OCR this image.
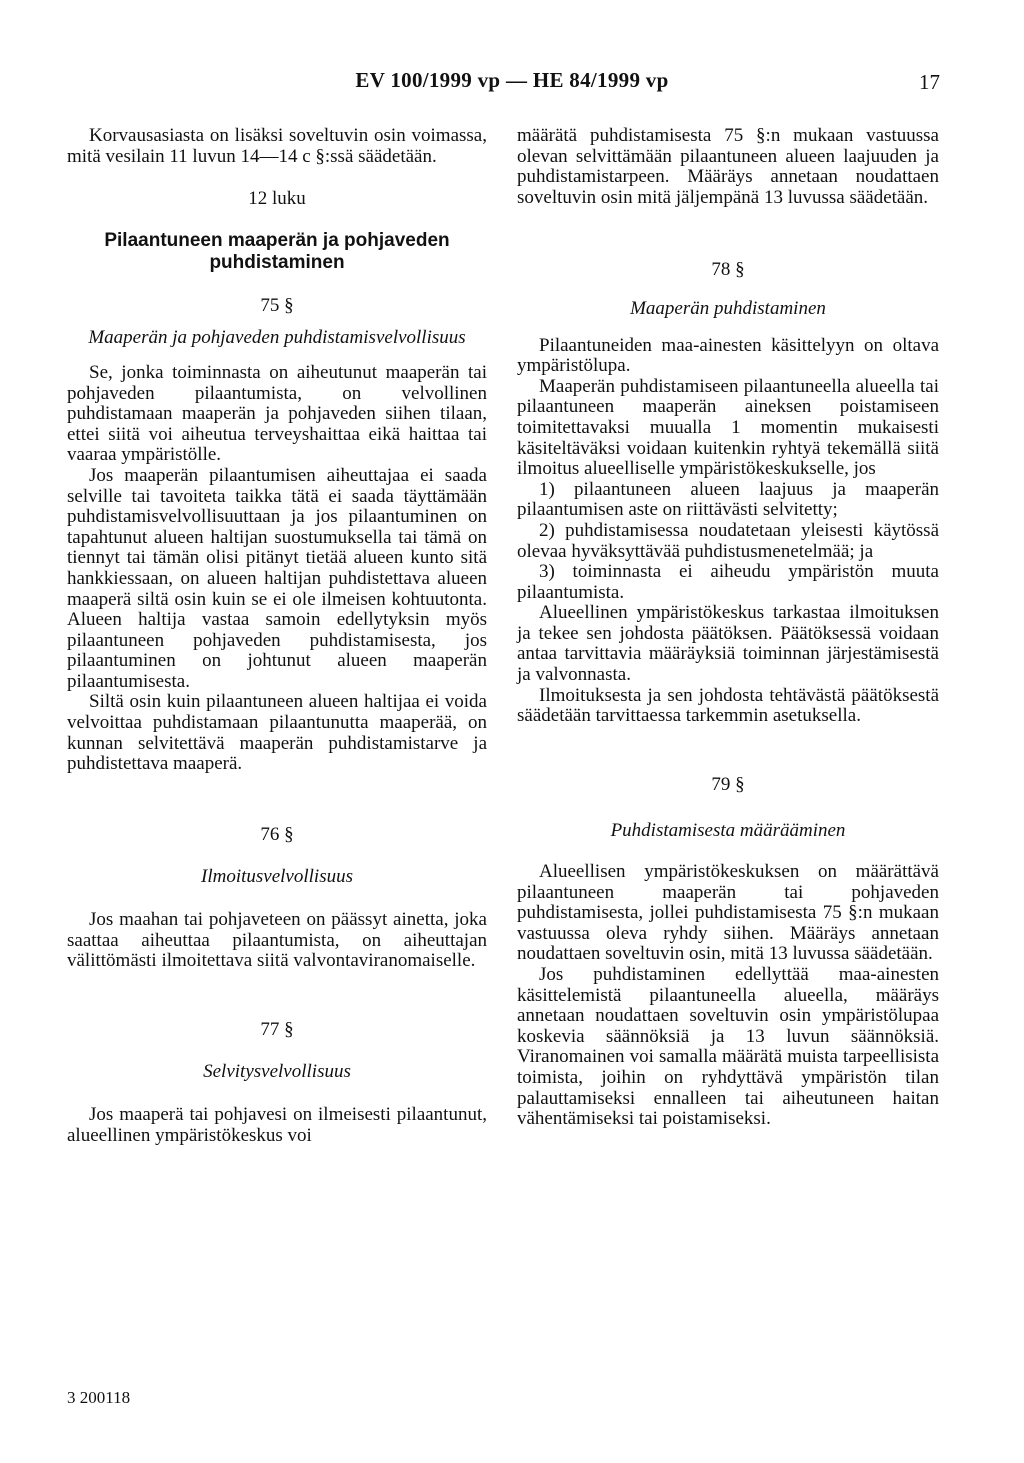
EV 100/1999 vp — HE 84/1999 vp	17

Korvausasiasta on lisäksi soveltuvin osin voimassa, mitä vesilain 11 luvun 14—14 c §:ssä säädetään.

12 luku
Pilaantuneen maaperän ja pohjaveden puhdistaminen
75 §
Maaperän ja pohjaveden puhdistamisvelvollisuus

Se, jonka toiminnasta on aiheutunut maaperän tai pohjaveden pilaantumista, on velvollinen puhdistamaan maaperän ja pohjaveden siihen tilaan, ettei siitä voi aiheutua terveyshaittaa eikä haittaa tai vaaraa ympäristölle.

Jos maaperän pilaantumisen aiheuttajaa ei saada selville tai tavoiteta taikka tätä ei saada täyttämään puhdistamisvelvollisuuttaan ja jos pilaantuminen on tapahtunut alueen haltijan suostumuksella tai tämä on tiennyt tai tämän olisi pitänyt tietää alueen kunto sitä hankkiessaan, on alueen haltijan puhdistettava alueen maaperä siltä osin kuin se ei ole ilmeisen kohtuutonta. Alueen haltija vastaa samoin edellytyksin myös pilaantuneen pohjaveden puhdistamisesta, jos pilaantuminen on johtunut alueen maaperän pilaantumisesta.

Siltä osin kuin pilaantuneen alueen haltijaa ei voida velvoittaa puhdistamaan pilaantunutta maaperää, on kunnan selvitettävä maaperän puhdistamistarve ja puhdistettava maaperä.

76 §
Ilmoitusvelvollisuus

Jos maahan tai pohjaveteen on päässyt ainetta, joka saattaa aiheuttaa pilaantumista, on aiheuttajan välittömästi ilmoitettava siitä valvontaviranomaiselle.

77 §
Selvitysvelvollisuus

Jos maaperä tai pohjavesi on ilmeisesti pilaantunut, alueellinen ympäristökeskus voi

määrätä puhdistamisesta 75 §:n mukaan vastuussa olevan selvittämään pilaantuneen alueen laajuuden ja puhdistamistarpeen. Määräys annetaan noudattaen soveltuvin osin mitä jäljempänä 13 luvussa säädetään.

78 §
Maaperän puhdistaminen

Pilaantuneiden maa-ainesten käsittelyyn on oltava ympäristölupa.

Maaperän puhdistamiseen pilaantuneella alueella tai pilaantuneen maaperän aineksen poistamiseen toimitettavaksi muualla 1 momentin mukaisesti käsiteltäväksi voidaan kuitenkin ryhtyä tekemällä siitä ilmoitus alueelliselle ympäristökeskukselle, jos

1) pilaantuneen alueen laajuus ja maaperän pilaantumisen aste on riittävästi selvitetty;

2) puhdistamisessa noudatetaan yleisesti käytössä olevaa hyväksyttävää puhdistusmenetelmää; ja

3) toiminnasta ei aiheudu ympäristön muuta pilaantumista.

Alueellinen ympäristökeskus tarkastaa ilmoituksen ja tekee sen johdosta päätöksen. Päätöksessä voidaan antaa tarvittavia määräyksiä toiminnan järjestämisestä ja valvonnasta.

Ilmoituksesta ja sen johdosta tehtävästä päätöksestä säädetään tarvittaessa tarkemmin asetuksella.

79 §
Puhdistamisesta määrääminen

Alueellisen ympäristökeskuksen on määrättävä pilaantuneen maaperän tai pohjaveden puhdistamisesta, jollei puhdistamisesta 75 §:n mukaan vastuussa oleva ryhdy siihen. Määräys annetaan noudattaen soveltuvin osin, mitä 13 luvussa säädetään.

Jos puhdistaminen edellyttää maa-ainesten käsittelemistä pilaantuneella alueella, määräys annetaan noudattaen soveltuvin osin ympäristölupaa koskevia säännöksiä ja 13 luvun säännöksiä. Viranomainen voi samalla määrätä muista tarpeellisista toimista, joihin on ryhdyttävä ympäristön tilan palauttamiseksi ennalleen tai aiheutuneen haitan vähentämiseksi tai poistamiseksi.

3 200118
